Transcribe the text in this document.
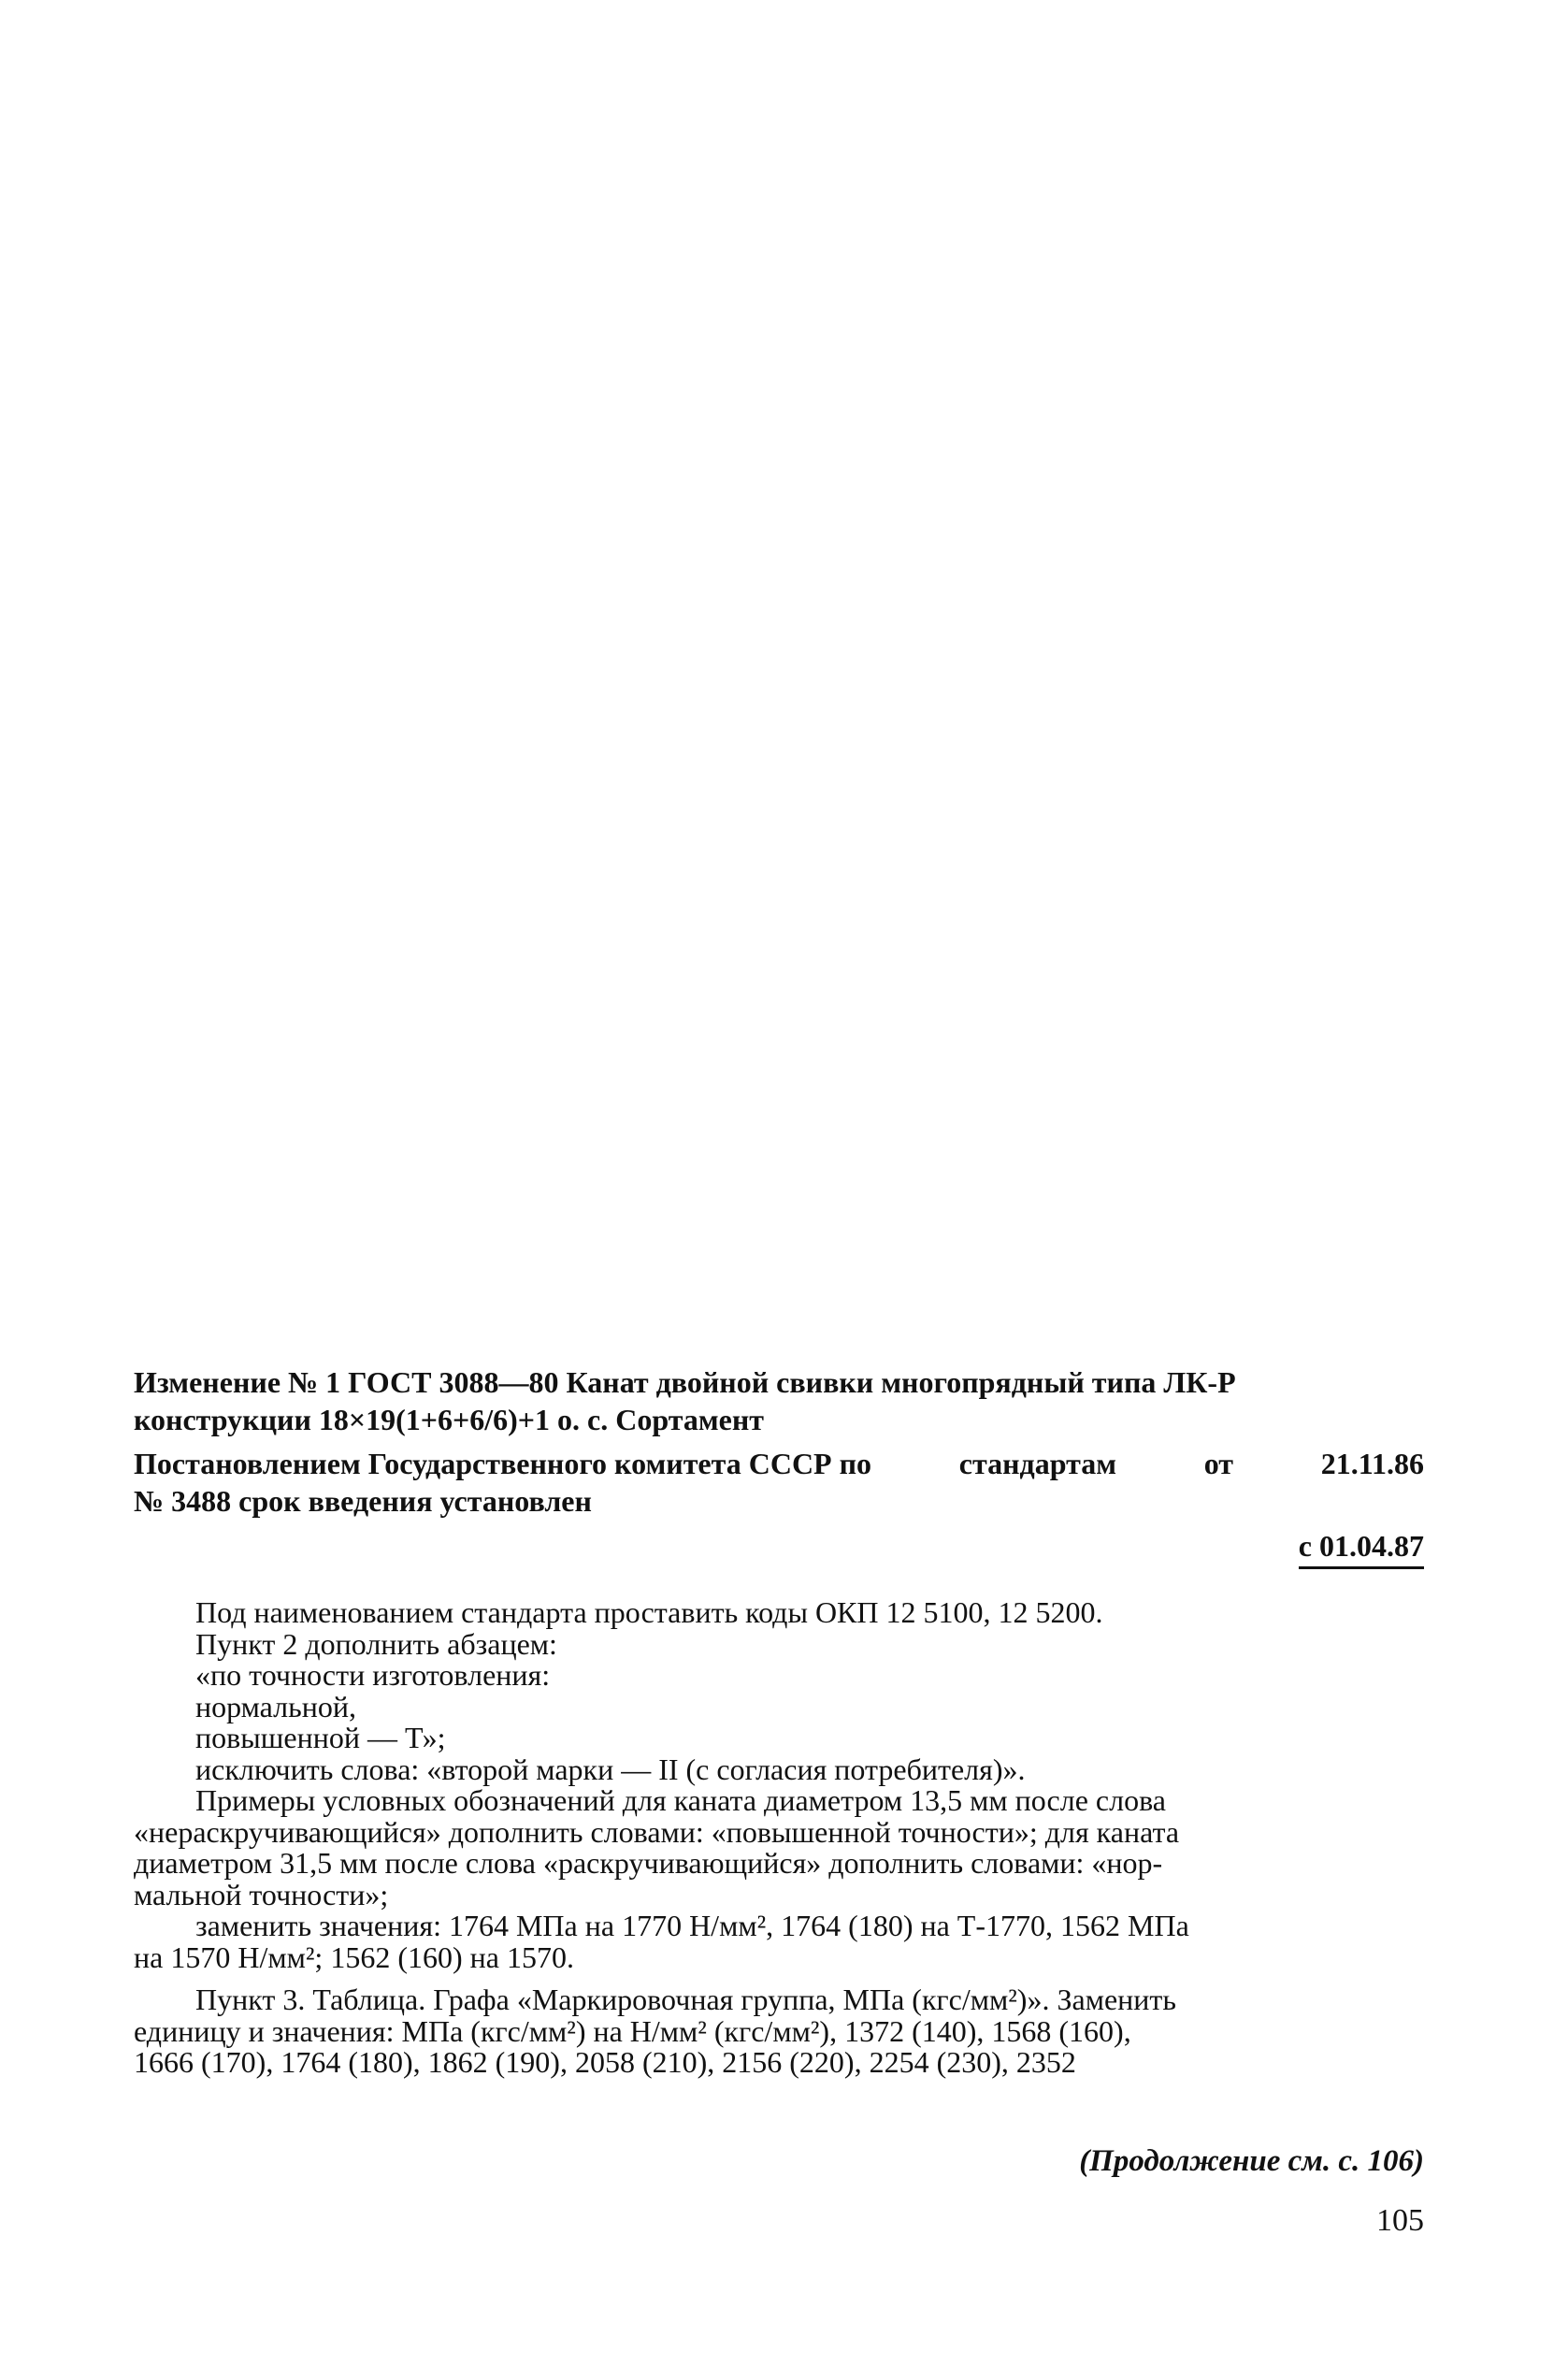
Изменение № 1 ГОСТ 3088—80 Канат двойной свивки многопрядный типа ЛК-Р
конструкции 18×19(1+6+6/6)+1 о. с. Сортамент
Постановлением Государственного комитета СССР по	стандартам	от	21.11.86
№ 3488 срок введения установлен
с 01.04.87
Под наименованием стандарта проставить коды ОКП 12 5100, 12 5200.
Пункт 2 дополнить абзацем:
«по точности изготовления:
нормальной,
повышенной — Т»;
исключить слова: «второй марки — II (с согласия потребителя)».
Примеры условных обозначений для каната диаметром 13,5 мм после слова
«нераскручивающийся» дополнить словами: «повышенной точности»; для каната
диаметром 31,5 мм после слова «раскручивающийся» дополнить словами: «нор-
мальной точности»;
заменить значения: 1764 МПа на 1770 Н/мм², 1764 (180) на Т-1770, 1562 МПа
на 1570 Н/мм²; 1562 (160) на 1570.
Пункт 3. Таблица. Графа «Маркировочная группа, МПа (кгс/мм²)». Заменить
единицу и значения: МПа (кгс/мм²) на Н/мм² (кгс/мм²), 1372 (140), 1568 (160),
1666 (170), 1764 (180), 1862 (190), 2058 (210), 2156 (220), 2254 (230), 2352
(Продолжение см. с. 106)
105
